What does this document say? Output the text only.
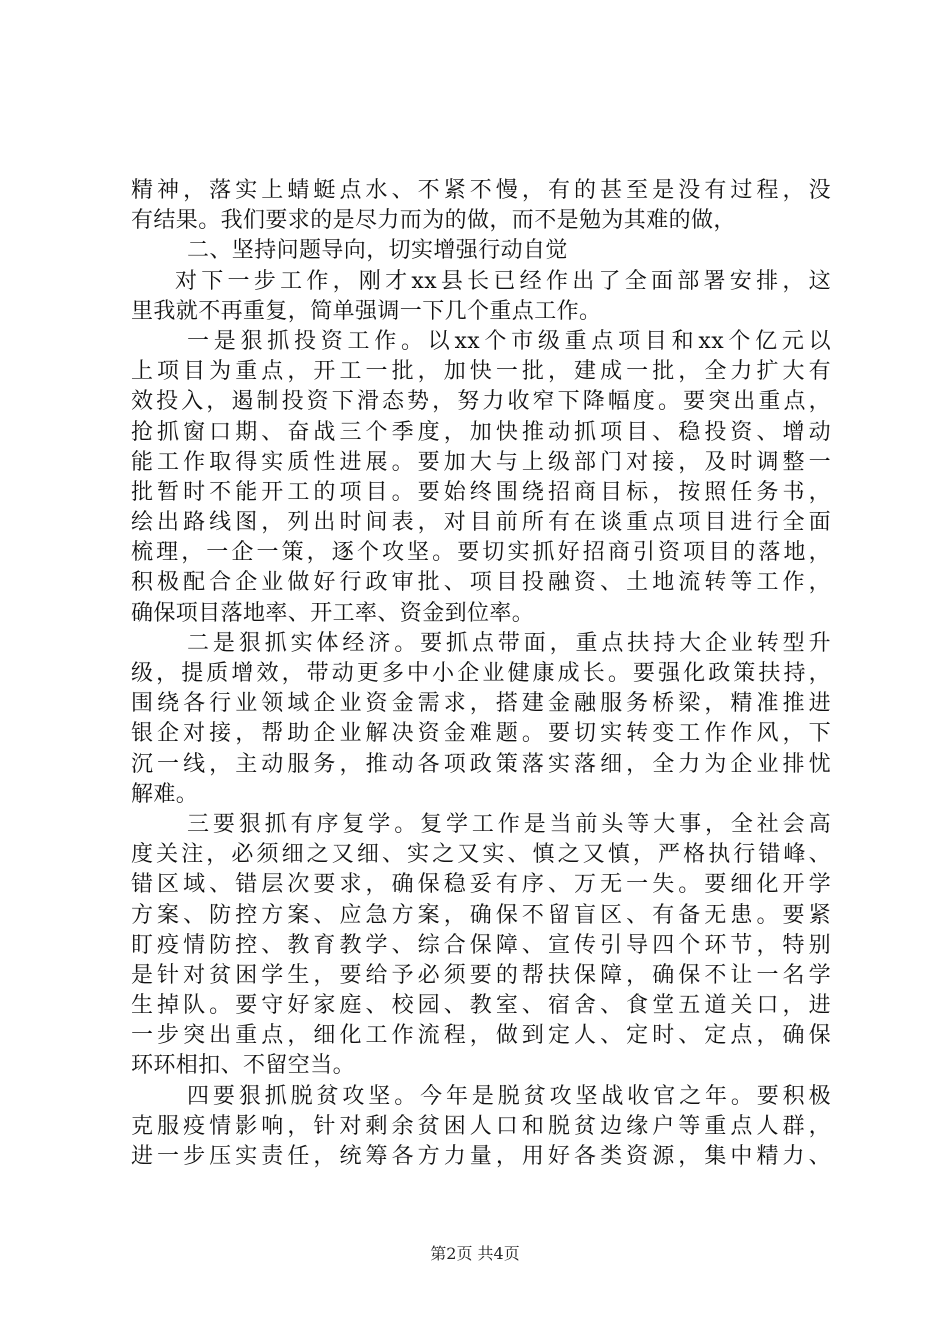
精神，落实上蜻蜓点水、不紧不慢，有的甚至是没有过程，没
有结果。我们要求的是尽力而为的做，而不是勉为其难的做，
二、坚持问题导向，切实增强行动自觉
对下一步工作，刚才xx县长已经作出了全面部署安排，这
里我就不再重复，简单强调一下几个重点工作。
一是狠抓投资工作。以xx个市级重点项目和xx个亿元以
上项目为重点，开工一批，加快一批，建成一批，全力扩大有
效投入，遏制投资下滑态势，努力收窄下降幅度。要突出重点，
抢抓窗口期、奋战三个季度，加快推动抓项目、稳投资、增动
能工作取得实质性进展。要加大与上级部门对接，及时调整一
批暂时不能开工的项目。要始终围绕招商目标，按照任务书，
绘出路线图，列出时间表，对目前所有在谈重点项目进行全面
梳理，一企一策，逐个攻坚。要切实抓好招商引资项目的落地，
积极配合企业做好行政审批、项目投融资、土地流转等工作，
确保项目落地率、开工率、资金到位率。
二是狠抓实体经济。要抓点带面，重点扶持大企业转型升
级，提质增效，带动更多中小企业健康成长。要强化政策扶持，
围绕各行业领域企业资金需求，搭建金融服务桥梁，精准推进
银企对接，帮助企业解决资金难题。要切实转变工作作风，下
沉一线，主动服务，推动各项政策落实落细，全力为企业排忧
解难。
三要狠抓有序复学。复学工作是当前头等大事，全社会高
度关注，必须细之又细、实之又实、慎之又慎，严格执行错峰、
错区域、错层次要求，确保稳妥有序、万无一失。要细化开学
方案、防控方案、应急方案，确保不留盲区、有备无患。要紧
盯疫情防控、教育教学、综合保障、宣传引导四个环节，特别
是针对贫困学生，要给予必须要的帮扶保障，确保不让一名学
生掉队。要守好家庭、校园、教室、宿舍、食堂五道关口，进
一步突出重点，细化工作流程，做到定人、定时、定点，确保
环环相扣、不留空当。
四要狠抓脱贫攻坚。今年是脱贫攻坚战收官之年。要积极
克服疫情影响，针对剩余贫困人口和脱贫边缘户等重点人群，
进一步压实责任，统筹各方力量，用好各类资源，集中精力、
第2页 共4页
